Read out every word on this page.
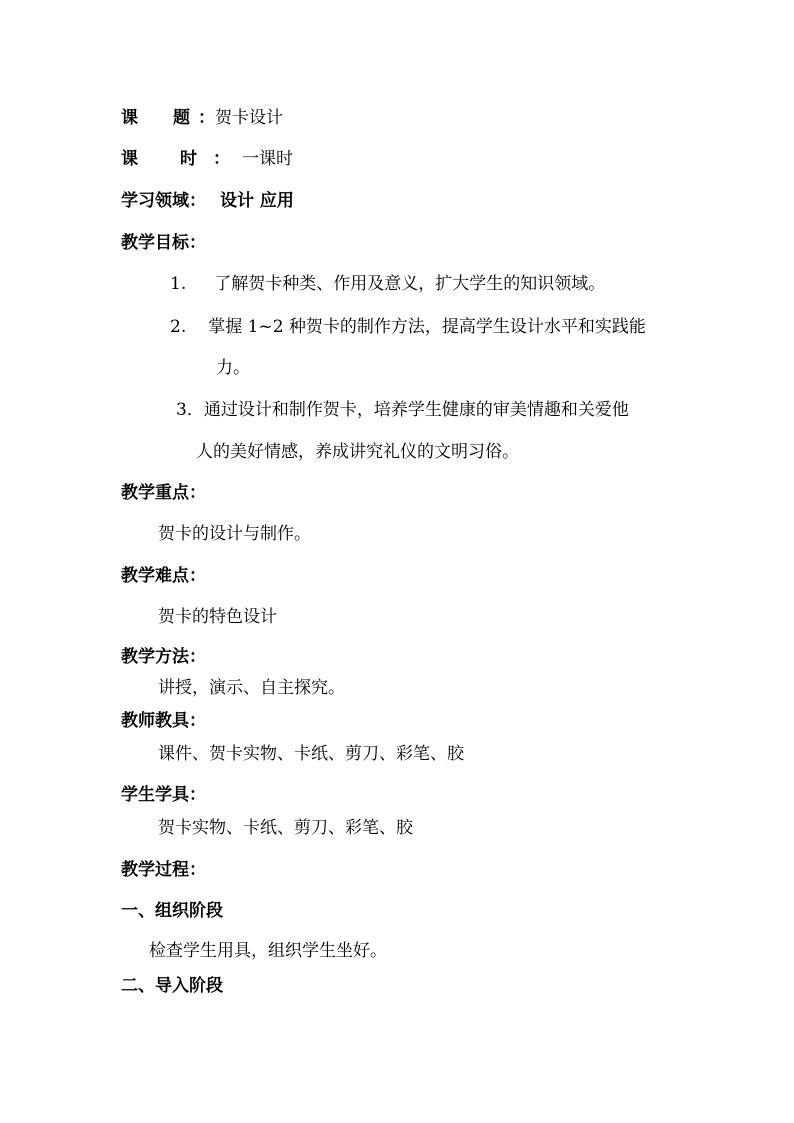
课 题 ：贺卡设计
课 时 ： 一课时
学习领域： 设计 应用
教学目标：
1. 了解贺卡种类、作用及意义，扩大学生的知识领域。
2. 掌握 1~2 种贺卡的制作方法，提高学生设计水平和实践能
力。
3．通过设计和制作贺卡，培养学生健康的审美情趣和关爱他
人的美好情感，养成讲究礼仪的文明习俗。
教学重点：
贺卡的设计与制作。
教学难点：
贺卡的特色设计
教学方法：
讲授，演示、自主探究。
教师教具：
课件、贺卡实物、卡纸、剪刀、彩笔、胶
学生学具：
贺卡实物、卡纸、剪刀、彩笔、胶
教学过程：
一、组织阶段
检查学生用具，组织学生坐好。
二、导入阶段
